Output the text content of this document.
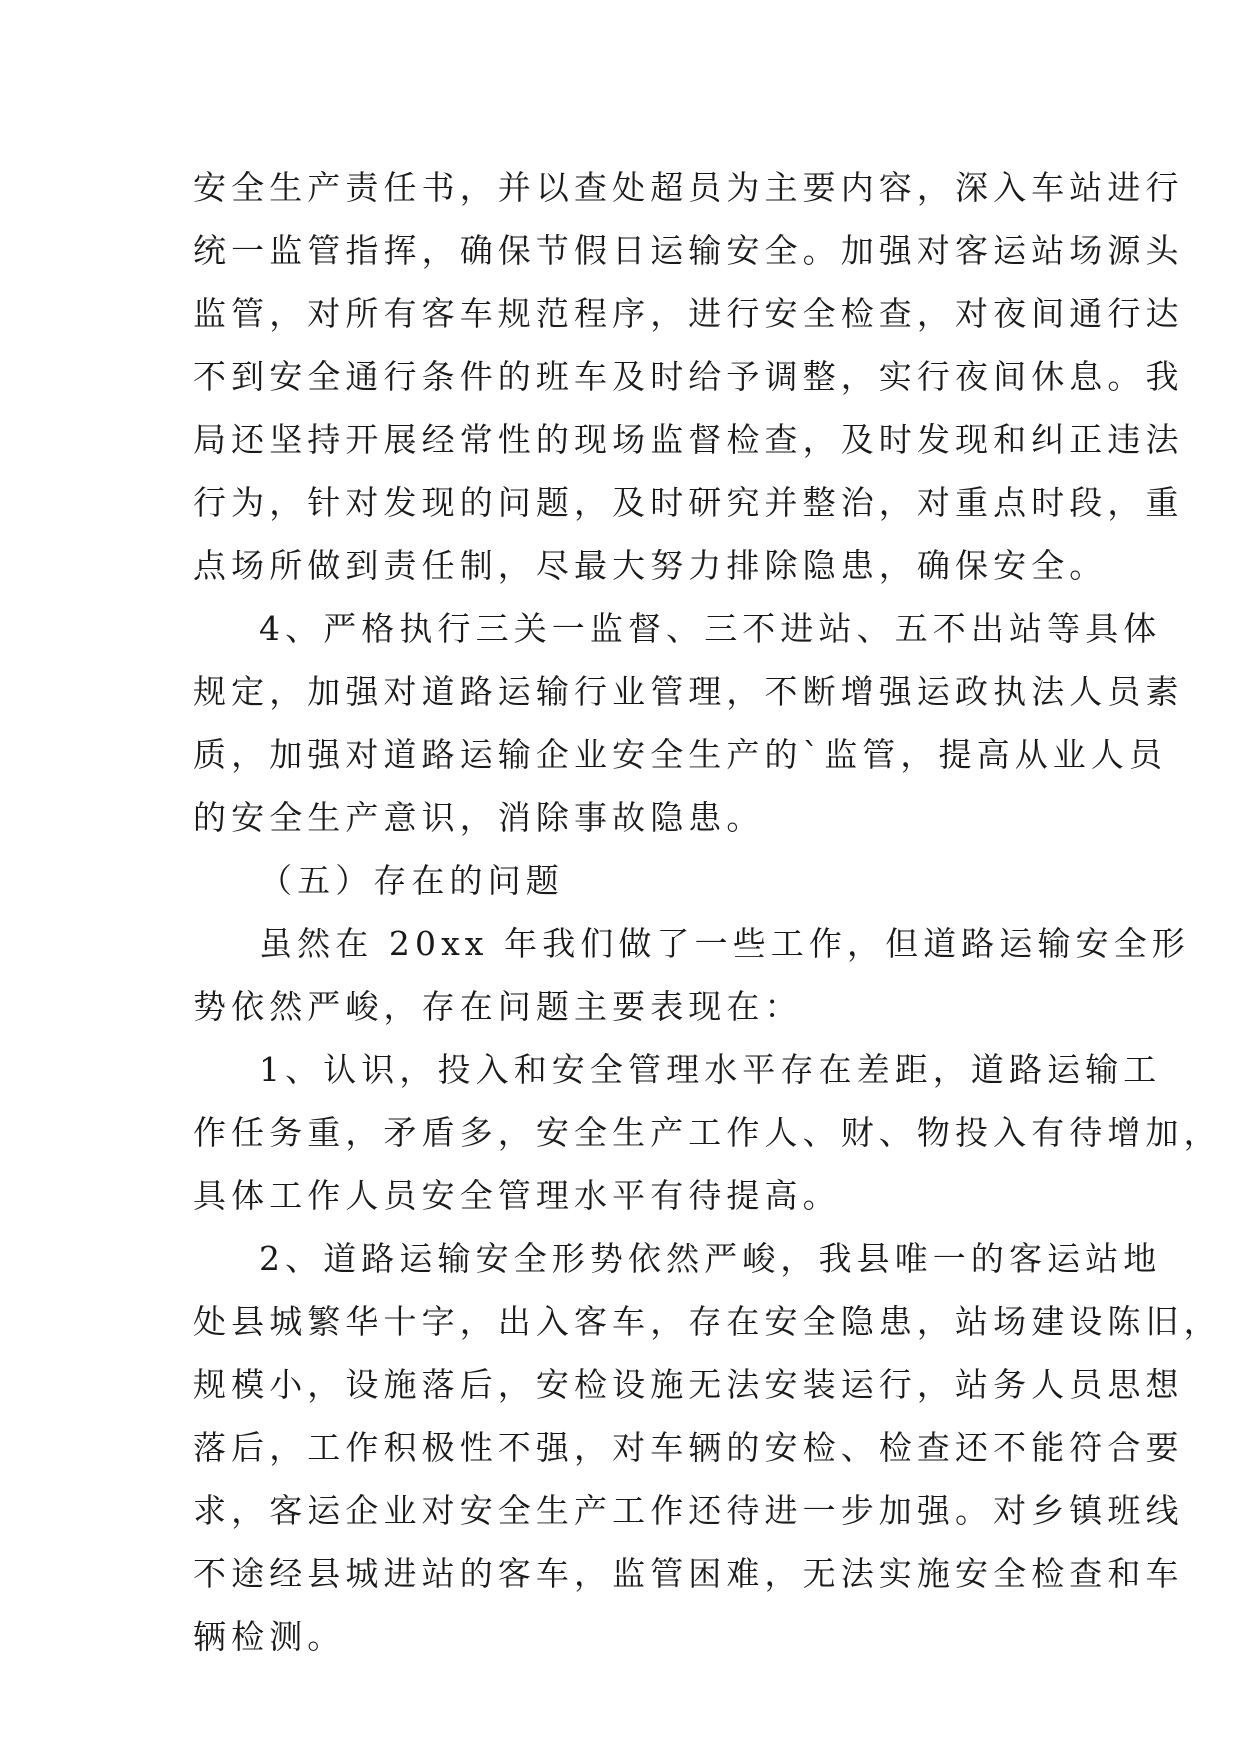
安全生产责任书，并以查处超员为主要内容，深入车站进行
统一监管指挥，确保节假日运输安全。加强对客运站场源头
监管，对所有客车规范程序，进行安全检查，对夜间通行达
不到安全通行条件的班车及时给予调整，实行夜间休息。我
局还坚持开展经常性的现场监督检查，及时发现和纠正违法
行为，针对发现的问题，及时研究并整治，对重点时段，重
点场所做到责任制，尽最大努力排除隐患，确保安全。
4、严格执行三关一监督、三不进站、五不出站等具体
规定，加强对道路运输行业管理，不断增强运政执法人员素
质，加强对道路运输企业安全生产的`监管，提高从业人员
的安全生产意识，消除事故隐患。
（五）存在的问题
虽然在 20xx 年我们做了一些工作，但道路运输安全形
势依然严峻，存在问题主要表现在：
1、认识，投入和安全管理水平存在差距，道路运输工
作任务重，矛盾多，安全生产工作人、财、物投入有待增加，
具体工作人员安全管理水平有待提高。
2、道路运输安全形势依然严峻，我县唯一的客运站地
处县城繁华十字，出入客车，存在安全隐患，站场建设陈旧，
规模小，设施落后，安检设施无法安装运行，站务人员思想
落后，工作积极性不强，对车辆的安检、检查还不能符合要
求，客运企业对安全生产工作还待进一步加强。对乡镇班线
不途经县城进站的客车，监管困难，无法实施安全检查和车
辆检测。
